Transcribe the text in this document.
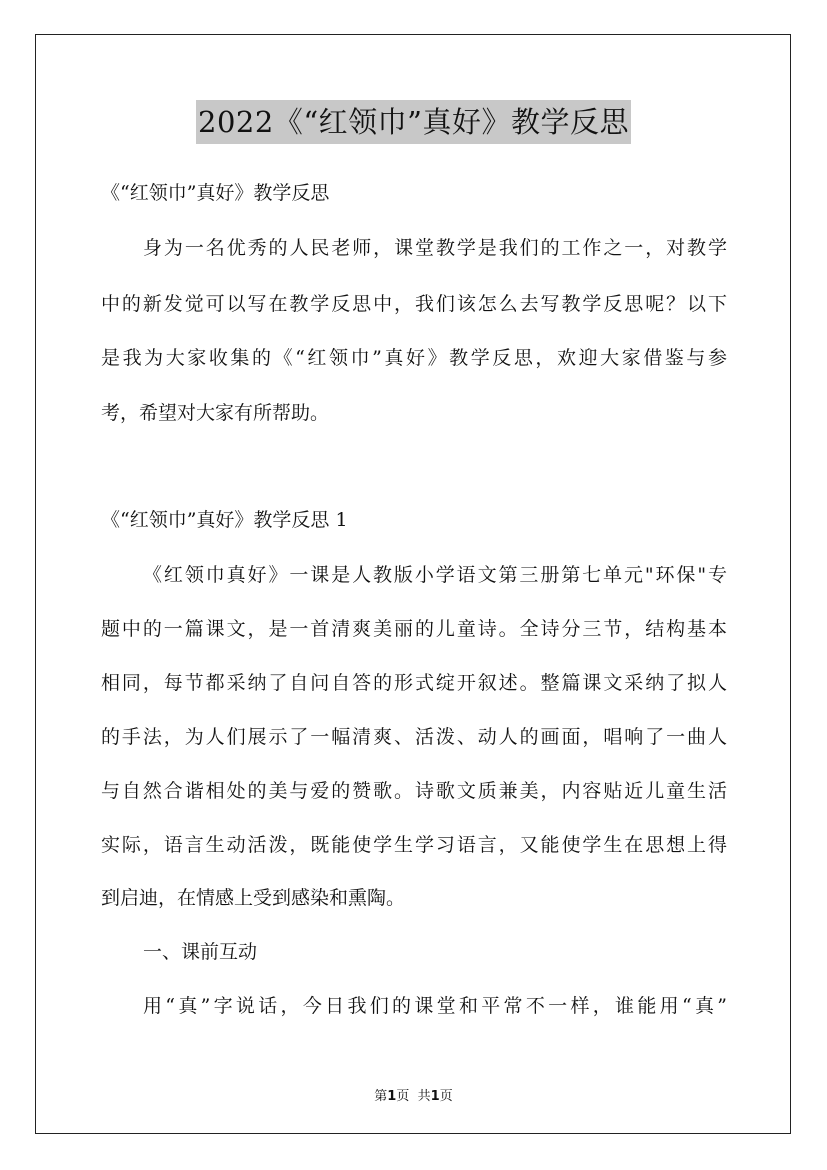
2022《“红领巾”真好》教学反思
《“红领巾”真好》教学反思
身为一名优秀的人民老师，课堂教学是我们的工作之一，对教学
中的新发觉可以写在教学反思中，我们该怎么去写教学反思呢？以下
是我为大家收集的《“红领巾”真好》教学反思，欢迎大家借鉴与参
考，希望对大家有所帮助。
《“红领巾”真好》教学反思 1
《红领巾真好》一课是人教版小学语文第三册第七单元"环保"专
题中的一篇课文，是一首清爽美丽的儿童诗。全诗分三节，结构基本
相同，每节都采纳了自问自答的形式绽开叙述。整篇课文采纳了拟人
的手法，为人们展示了一幅清爽、活泼、动人的画面，唱响了一曲人
与自然合谐相处的美与爱的赞歌。诗歌文质兼美，内容贴近儿童生活
实际，语言生动活泼，既能使学生学习语言，又能使学生在思想上得
到启迪，在情感上受到感染和熏陶。
一、课前互动
用“真”字说话，今日我们的课堂和平常不一样，谁能用“真”
第1页 共1页
